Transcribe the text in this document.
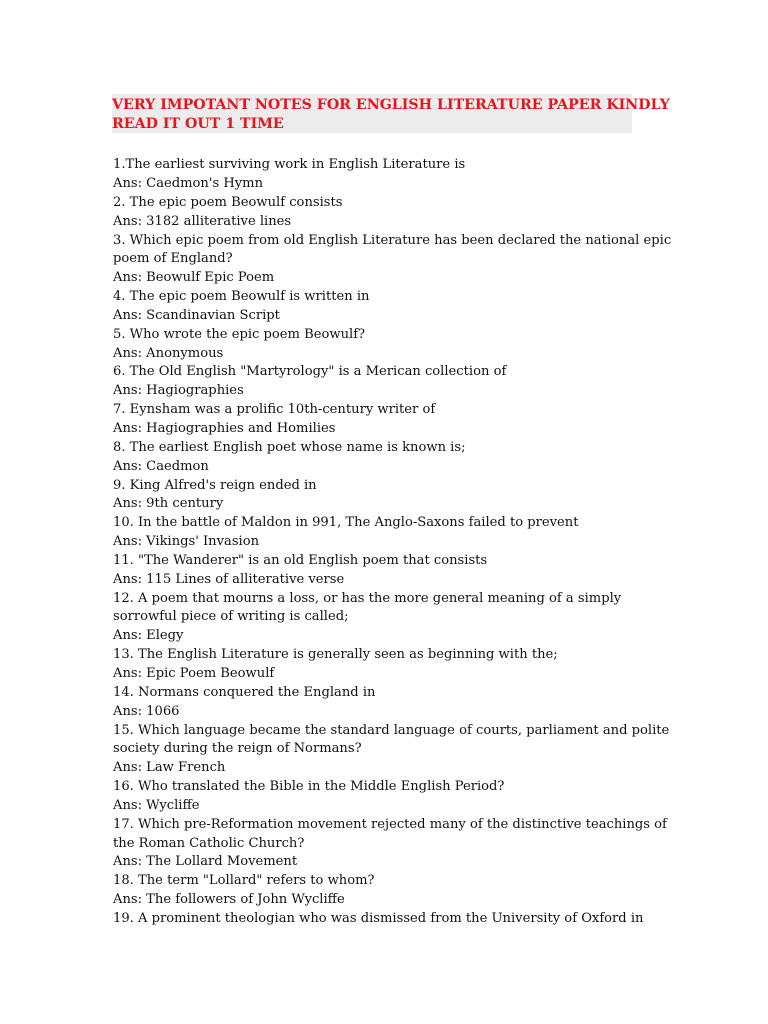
VERY IMPOTANT NOTES FOR ENGLISH LITERATURE PAPER KINDLY
READ IT OUT 1 TIME
1.The earliest surviving work in English Literature is
Ans: Caedmon's Hymn
2. The epic poem Beowulf consists
Ans: 3182 alliterative lines
3. Which epic poem from old English Literature has been declared the national epic
poem of England?
Ans: Beowulf Epic Poem
4. The epic poem Beowulf is written in
Ans: Scandinavian Script
5. Who wrote the epic poem Beowulf?
Ans: Anonymous
6. The Old English "Martyrology" is a Merican collection of
Ans: Hagiographies
7. Eynsham was a prolific 10th-century writer of
Ans: Hagiographies and Homilies
8. The earliest English poet whose name is known is;
Ans: Caedmon
9. King Alfred's reign ended in
Ans: 9th century
10. In the battle of Maldon in 991, The Anglo-Saxons failed to prevent
Ans: Vikings' Invasion
11. "The Wanderer" is an old English poem that consists
Ans: 115 Lines of alliterative verse
12. A poem that mourns a loss, or has the more general meaning of a simply
sorrowful piece of writing is called;
Ans: Elegy
13. The English Literature is generally seen as beginning with the;
Ans: Epic Poem Beowulf
14. Normans conquered the England in
Ans: 1066
15. Which language became the standard language of courts, parliament and polite
society during the reign of Normans?
Ans: Law French
16. Who translated the Bible in the Middle English Period?
Ans: Wycliffe
17. Which pre-Reformation movement rejected many of the distinctive teachings of
the Roman Catholic Church?
Ans: The Lollard Movement
18. The term "Lollard" refers to whom?
Ans: The followers of John Wycliffe
19. A prominent theologian who was dismissed from the University of Oxford in
